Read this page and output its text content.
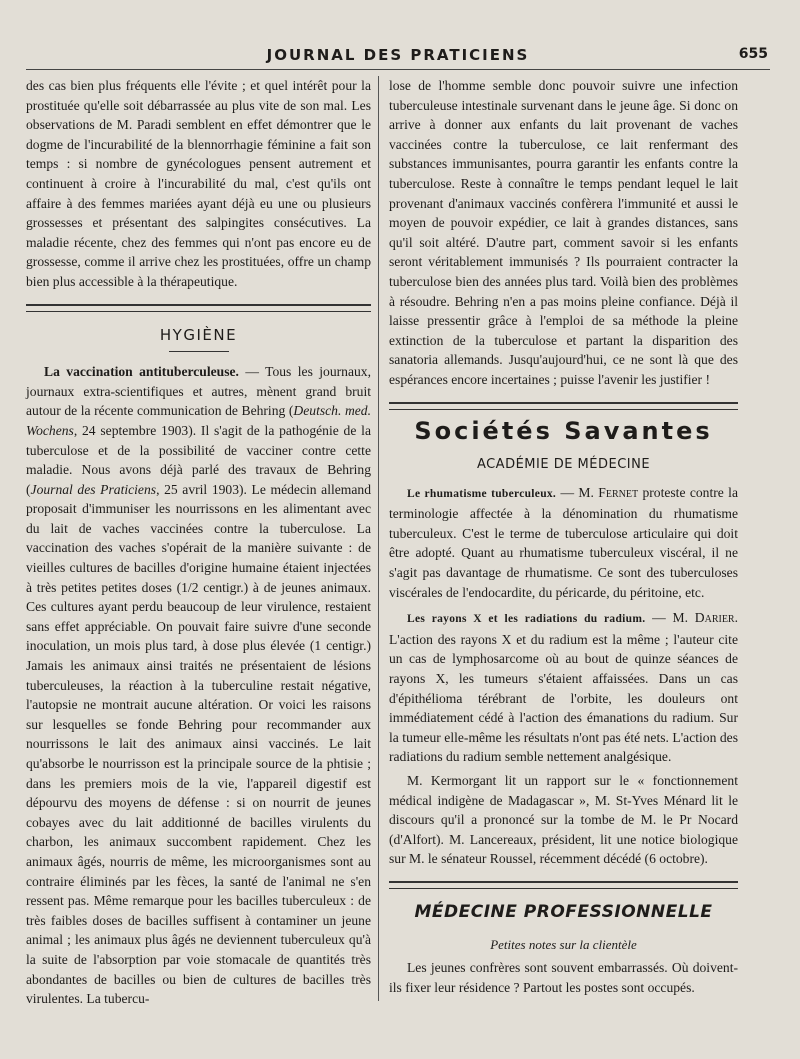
JOURNAL DES PRATICIENS	655

des cas bien plus fréquents elle l'évite ; et quel intérêt pour la prostituée qu'elle soit débarrassée au plus vite de son mal. Les observations de M. Paradi semblent en effet démontrer que le dogme de l'incurabilité de la blennorrhagie féminine a fait son temps : si nombre de gynécologues pensent autrement et continuent à croire à l'incurabilité du mal, c'est qu'ils ont affaire à des femmes mariées ayant déjà eu une ou plusieurs grossesses et présentant des salpingites consécutives. La maladie récente, chez des femmes qui n'ont pas encore eu de grossesse, comme il arrive chez les prostituées, offre un champ bien plus accessible à la thérapeutique.

HYGIÈNE

La vaccination antituberculeuse. — Tous les journaux, journaux extra-scientifiques et autres, mènent grand bruit autour de la récente communication de Behring (Deutsch. med. Wochens, 24 septembre 1903). Il s'agit de la pathogénie de la tuberculose et de la possibilité de vacciner contre cette maladie. Nous avons déjà parlé des travaux de Behring (Journal des Praticiens, 25 avril 1903). Le médecin allemand proposait d'immuniser les nourrissons en les alimentant avec du lait de vaches vaccinées contre la tuberculose. La vaccination des vaches s'opérait de la manière suivante : de vieilles cultures de bacilles d'origine humaine étaient injectées à très petites petites doses (1/2 centigr.) à de jeunes animaux. Ces cultures ayant perdu beaucoup de leur virulence, restaient sans effet appréciable. On pouvait faire suivre d'une seconde inoculation, un mois plus tard, à dose plus élevée (1 centigr.) Jamais les animaux ainsi traités ne présentaient de lésions tuberculeuses, la réaction à la tuberculine restait négative, l'autopsie ne montrait aucune altération. Or voici les raisons sur lesquelles se fonde Behring pour recommander aux nourrissons le lait des animaux ainsi vaccinés. Le lait qu'absorbe le nourrisson est la principale source de la phtisie ; dans les premiers mois de la vie, l'appareil digestif est dépourvu des moyens de défense : si on nourrit de jeunes cobayes avec du lait additionné de bacilles virulents du charbon, les animaux succombent rapidement. Chez les animaux âgés, nourris de même, les microorganismes sont au contraire éliminés par les fèces, la santé de l'animal ne s'en ressent pas. Même remarque pour les bacilles tuberculeux : de très faibles doses de bacilles suffisent à contaminer un jeune animal ; les animaux plus âgés ne deviennent tuberculeux qu'à la suite de l'absorption par voie stomacale de quantités très abondantes de bacilles ou bien de cultures de bacilles très virulentes. La tubercu-

lose de l'homme semble donc pouvoir suivre une infection tuberculeuse intestinale survenant dans le jeune âge. Si donc on arrive à donner aux enfants du lait provenant de vaches vaccinées contre la tuberculose, ce lait renfermant des substances immunisantes, pourra garantir les enfants contre la tuberculose. Reste à connaître le temps pendant lequel le lait provenant d'animaux vaccinés confèrera l'immunité et aussi le moyen de pouvoir expédier, ce lait à grandes distances, sans qu'il soit altéré. D'autre part, comment savoir si les enfants seront véritablement immunisés ? Ils pourraient contracter la tuberculose bien des années plus tard. Voilà bien des problèmes à résoudre. Behring n'en a pas moins pleine confiance. Déjà il laisse pressentir grâce à l'emploi de sa méthode la pleine extinction de la tuberculose et partant la disparition des sanatoria allemands. Jusqu'aujourd'hui, ce ne sont là que des espérances encore incertaines ; puisse l'avenir les justifier !

Sociétés Savantes
ACADÉMIE DE MÉDECINE

Le rhumatisme tuberculeux. — M. Fernet proteste contre la terminologie affectée à la dénomination du rhumatisme tuberculeux. C'est le terme de tuberculose articulaire qui doit être adopté. Quant au rhumatisme tuberculeux viscéral, il ne s'agit pas davantage de rhumatisme. Ce sont des tuberculoses viscérales de l'endocardite, du péricarde, du péritoine, etc.

Les rayons X et les radiations du radium. — M. Darier. L'action des rayons X et du radium est la même ; l'auteur cite un cas de lymphosarcome où au bout de quinze séances de rayons X, les tumeurs s'étaient affaissées. Dans un cas d'épithélioma térébrant de l'orbite, les douleurs ont immédiatement cédé à l'action des émanations du radium. Sur la tumeur elle-même les résultats n'ont pas été nets. L'action des radiations du radium semble nettement analgésique.

M. Kermorgant lit un rapport sur le « fonctionnement médical indigène de Madagascar », M. St-Yves Ménard lit le discours qu'il a prononcé sur la tombe de M. le Pr Nocard (d'Alfort). M. Lancereaux, président, lit une notice biologique sur M. le sénateur Roussel, récemment décédé (6 octobre).

MÉDECINE PROFESSIONNELLE
Petites notes sur la clientèle

Les jeunes confrères sont souvent embarrassés. Où doivent-ils fixer leur résidence ? Partout les postes sont occupés.
